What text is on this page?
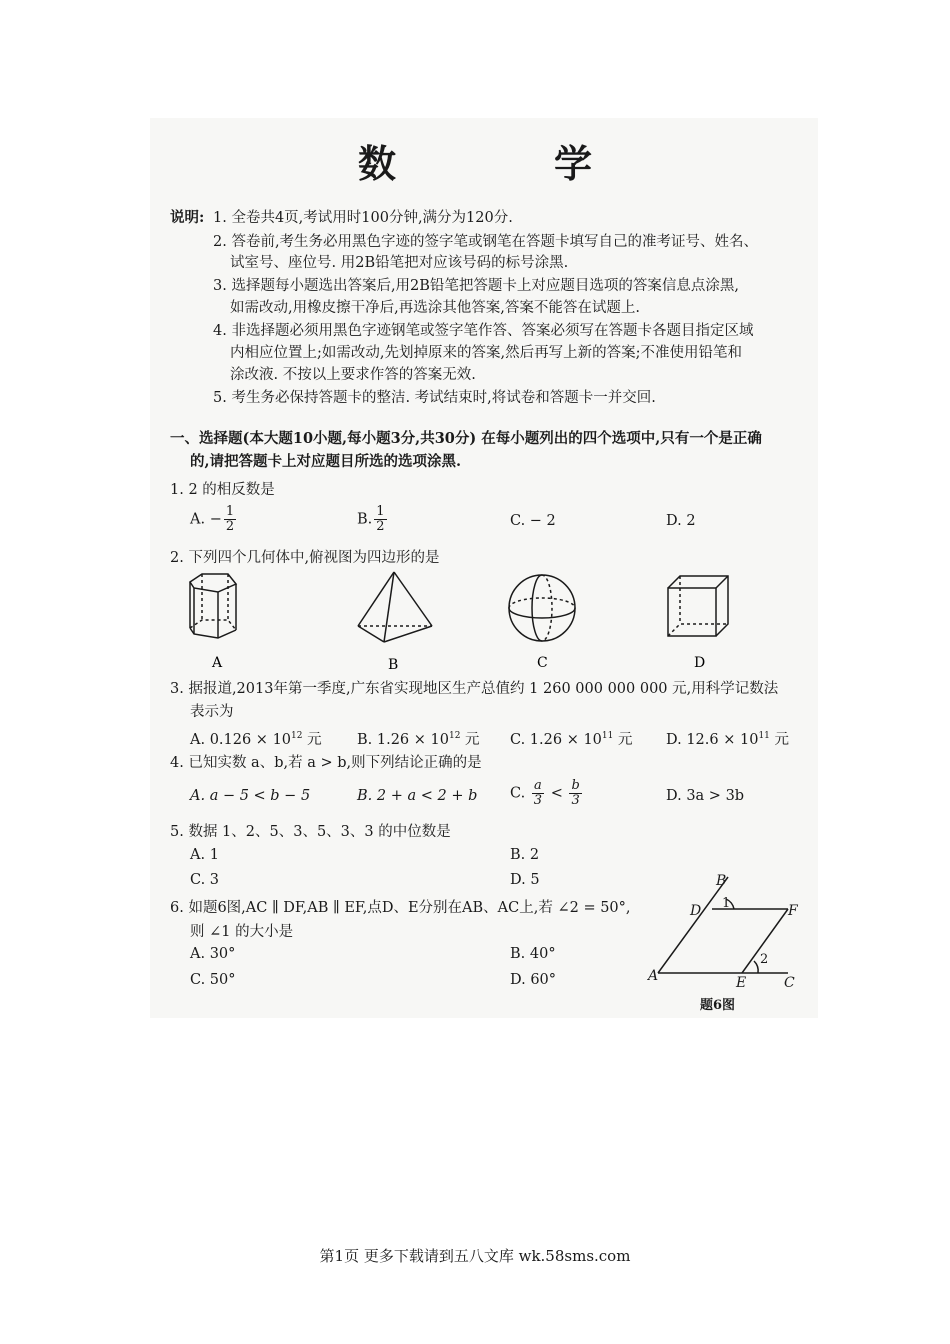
数　学
说明: 1. 全卷共4页,考试用时100分钟,满分为120分.
2. 答卷前,考生务必用黑色字迹的签字笔或钢笔在答题卡填写自己的准考证号、姓名、
试室号、座位号. 用2B铅笔把对应该号码的标号涂黑.
3. 选择题每小题选出答案后,用2B铅笔把答题卡上对应题目选项的答案信息点涂黑,
如需改动,用橡皮擦干净后,再选涂其他答案,答案不能答在试题上.
4. 非选择题必须用黑色字迹钢笔或签字笔作答、答案必须写在答题卡各题目指定区域
内相应位置上;如需改动,先划掉原来的答案,然后再写上新的答案;不准使用铅笔和
涂改液. 不按以上要求作答的答案无效.
5. 考生务必保持答题卡的整洁. 考试结束时,将试卷和答题卡一并交回.
一、选择题(本大题10小题,每小题3分,共30分) 在每小题列出的四个选项中,只有一个是正确
的,请把答题卡上对应题目所选的选项涂黑.
1. 2 的相反数是
A. − $\frac{1}{2}$	B. $\frac{1}{2}$	C. − 2	D. 2
2. 下列四个几何体中,俯视图为四边形的是
A	B	C	D
3. 据报道,2013年第一季度,广东省实现地区生产总值约 1 260 000 000 000 元,用科学记数法
表示为
A. $0.126 \times 10^{12}$ 元 B. $1.26 \times 10^{12}$ 元 C. $1.26 \times 10^{11}$ 元 D. $12.6 \times 10^{11}$ 元
4. 已知实数 a、b,若 a > b,则下列结论正确的是
A. a − 5 < b − 5	B. 2 + a < 2 + b C. $\frac{a}{3} < \frac{b}{3}$	D. 3a > 3b
5. 数据 1、2、5、3、5、3、3 的中位数是
A. 1	B. 2
C. 3	D. 5
6. 如题6图,AC ∥ DF,AB ∥ EF,点D、E分别在AB、AC上,若 ∠2 = 50°,
则 ∠1 的大小是
A. 30°	B. 40°
C. 50°	D. 60°
B
D	F
A	E	C
1
2
题6图
第1页 更多下载请到五八文库 wk.58sms.com
